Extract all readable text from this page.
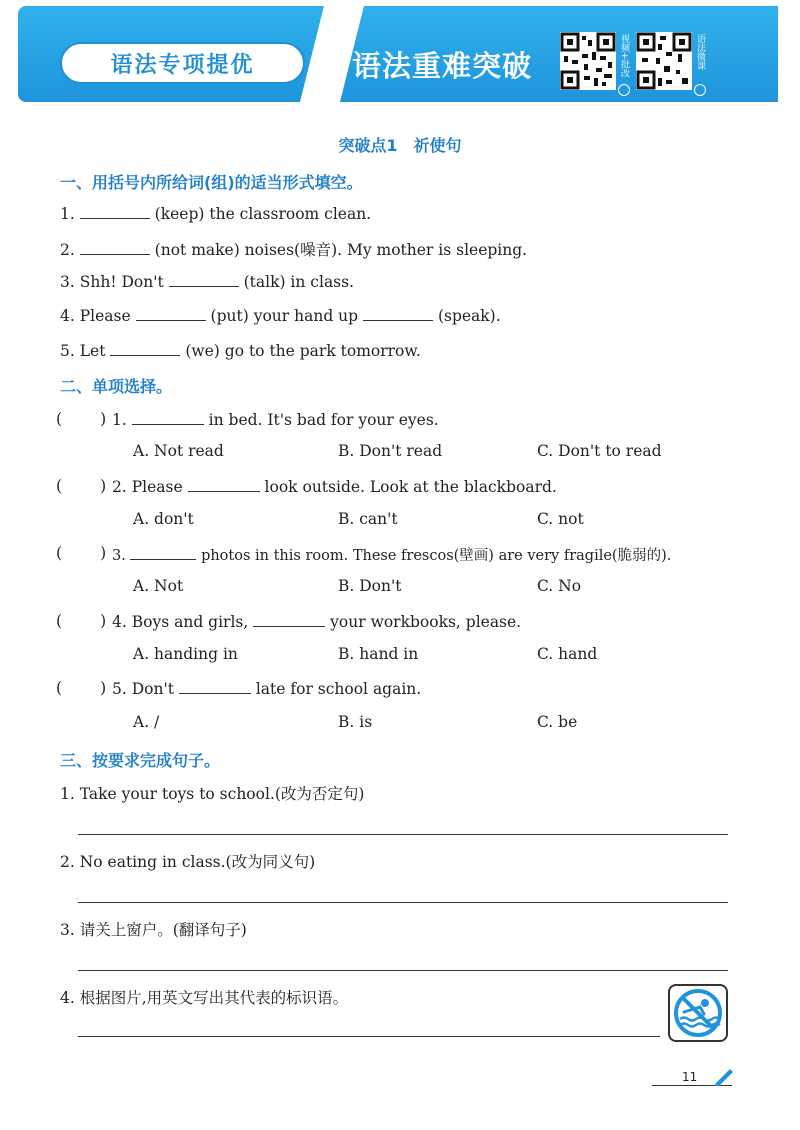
语法专项提优	语法重难突破	视频+批改	语法微课
突破点1　祈使句
一、用括号内所给词(组)的适当形式填空。
1.	(keep) the classroom clean.
2.	(not make) noises(噪音). My mother is sleeping.
3. Shh! Don't	(talk) in class.
4. Please	(put) your hand up	(speak).
5. Let	(we) go to the park tomorrow.
二、单项选择。
( ) 1.	in bed. It's bad for your eyes.
A. Not read	B. Don't read	C. Don't to read
( ) 2. Please	look outside. Look at the blackboard.
A. don't	B. can't	C. not
( ) 3.	photos in this room. These frescos(壁画) are very fragile(脆弱的).
A. Not	B. Don't	C. No
( ) 4. Boys and girls,	your workbooks, please.
A. handing in	B. hand in	C. hand
( ) 5. Don't	late for school again.
A. /	B. is	C. be
三、按要求完成句子。
1. Take your toys to school.(改为否定句)
2. No eating in class.(改为同义句)
3. 请关上窗户。(翻译句子)
4. 根据图片,用英文写出其代表的标识语。
11
